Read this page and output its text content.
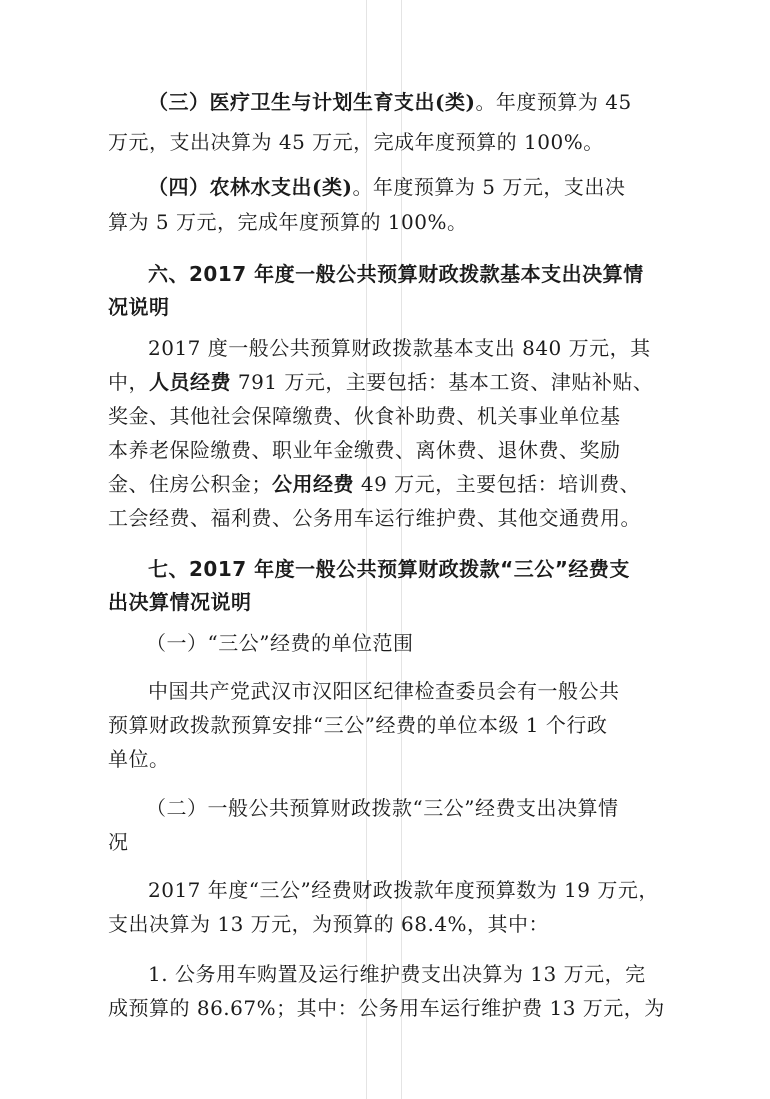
（三）医疗卫生与计划生育支出(类)。年度预算为 45
万元，支出决算为 45 万元，完成年度预算的 100%。
（四）农林水支出(类)。年度预算为 5 万元，支出决
算为 5 万元，完成年度预算的 100%。
六、2017 年度一般公共预算财政拨款基本支出决算情
况说明
2017 度一般公共预算财政拨款基本支出 840 万元，其
中，人员经费 791 万元，主要包括：基本工资、津贴补贴、
奖金、其他社会保障缴费、伙食补助费、机关事业单位基
本养老保险缴费、职业年金缴费、离休费、退休费、奖励
金、住房公积金；公用经费 49 万元，主要包括：培训费、
工会经费、福利费、公务用车运行维护费、其他交通费用。
七、2017 年度一般公共预算财政拨款“三公”经费支
出决算情况说明
（一）“三公”经费的单位范围
中国共产党武汉市汉阳区纪律检查委员会有一般公共
预算财政拨款预算安排“三公”经费的单位本级 1 个行政
单位。
（二）一般公共预算财政拨款“三公”经费支出决算情
况
2017 年度“三公”经费财政拨款年度预算数为 19 万元，
支出决算为 13 万元，为预算的 68.4%，其中：
1. 公务用车购置及运行维护费支出决算为 13 万元，完
成预算的 86.67%；其中：公务用车运行维护费 13 万元，为
